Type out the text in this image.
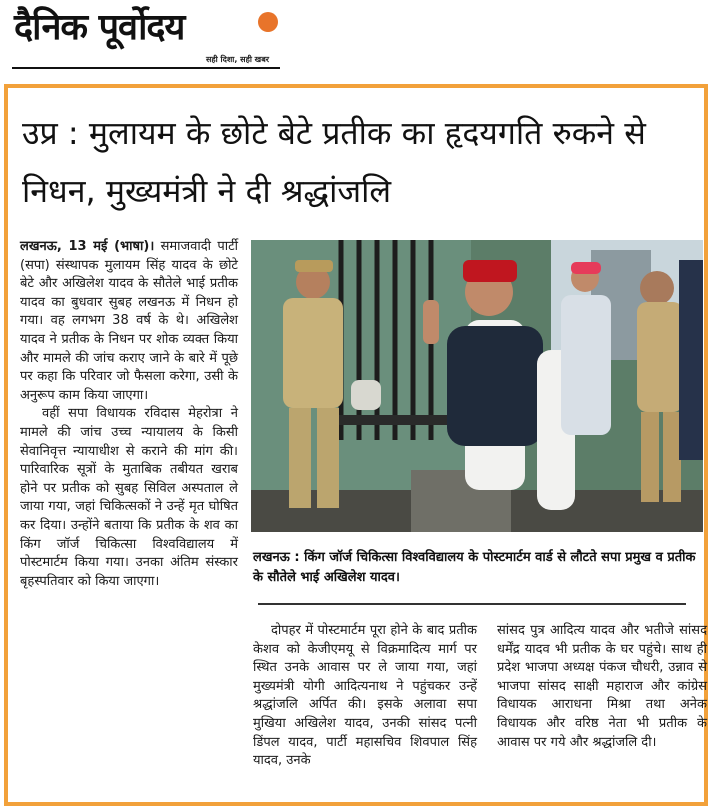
दैनिक पूर्वोदय
सही दिशा, सही खबर
उप्र : मुलायम के छोटे बेटे प्रतीक का हृदयगति रुकने से निधन, मुख्यमंत्री ने दी श्रद्धांजलि

लखनऊ, 13 मई (भाषा)। समाजवादी पार्टी (सपा) संस्थापक मुलायम सिंह यादव के छोटे बेटे और अखिलेश यादव के सौतेले भाई प्रतीक यादव का बुधवार सुबह लखनऊ में निधन हो गया। वह लगभग 38 वर्ष के थे। अखिलेश यादव ने प्रतीक के निधन पर शोक व्यक्त किया और मामले की जांच कराए जाने के बारे में पूछे पर कहा कि परिवार जो फैसला करेगा, उसी के अनुरूप काम किया जाएगा।

वहीं सपा विधायक रविदास मेहरोत्रा ने मामले की जांच उच्च न्यायालय के किसी सेवानिवृत्त न्यायाधीश से कराने की मांग की। पारिवारिक सूत्रों के मुताबिक तबीयत खराब होने पर प्रतीक को सुबह सिविल अस्पताल ले जाया गया, जहां चिकित्सकों ने उन्हें मृत घोषित कर दिया। उन्होंने बताया कि प्रतीक के शव का किंग जॉर्ज चिकित्सा विश्वविद्यालय में पोस्टमार्टम किया गया। उनका अंतिम संस्कार बृहस्पतिवार को किया जाएगा।

लखनऊ : किंग जॉर्ज चिकित्सा विश्वविद्यालय के पोस्टमार्टम वार्ड से लौटते सपा प्रमुख व प्रतीक के सौतेले भाई अखिलेश यादव।

दोपहर में पोस्टमार्टम पूरा होने के बाद प्रतीक केशव को केजीएमयू से विक्रमादित्य मार्ग पर स्थित उनके आवास पर ले जाया गया, जहां मुख्यमंत्री योगी आदित्यनाथ ने पहुंचकर उन्हें श्रद्धांजलि अर्पित की। इसके अलावा सपा मुखिया अखिलेश यादव, उनकी सांसद पत्नी डिंपल यादव, पार्टी महासचिव शिवपाल सिंह यादव, उनके

सांसद पुत्र आदित्य यादव और भतीजे सांसद धर्मेंद्र यादव भी प्रतीक के घर पहुंचे। साथ ही प्रदेश भाजपा अध्यक्ष पंकज चौधरी, उन्नाव से भाजपा सांसद साक्षी महाराज और कांग्रेस विधायक आराधना मिश्रा तथा अनेक विधायक और वरिष्ठ नेता भी प्रतीक के आवास पर गये और श्रद्धांजलि दी।
